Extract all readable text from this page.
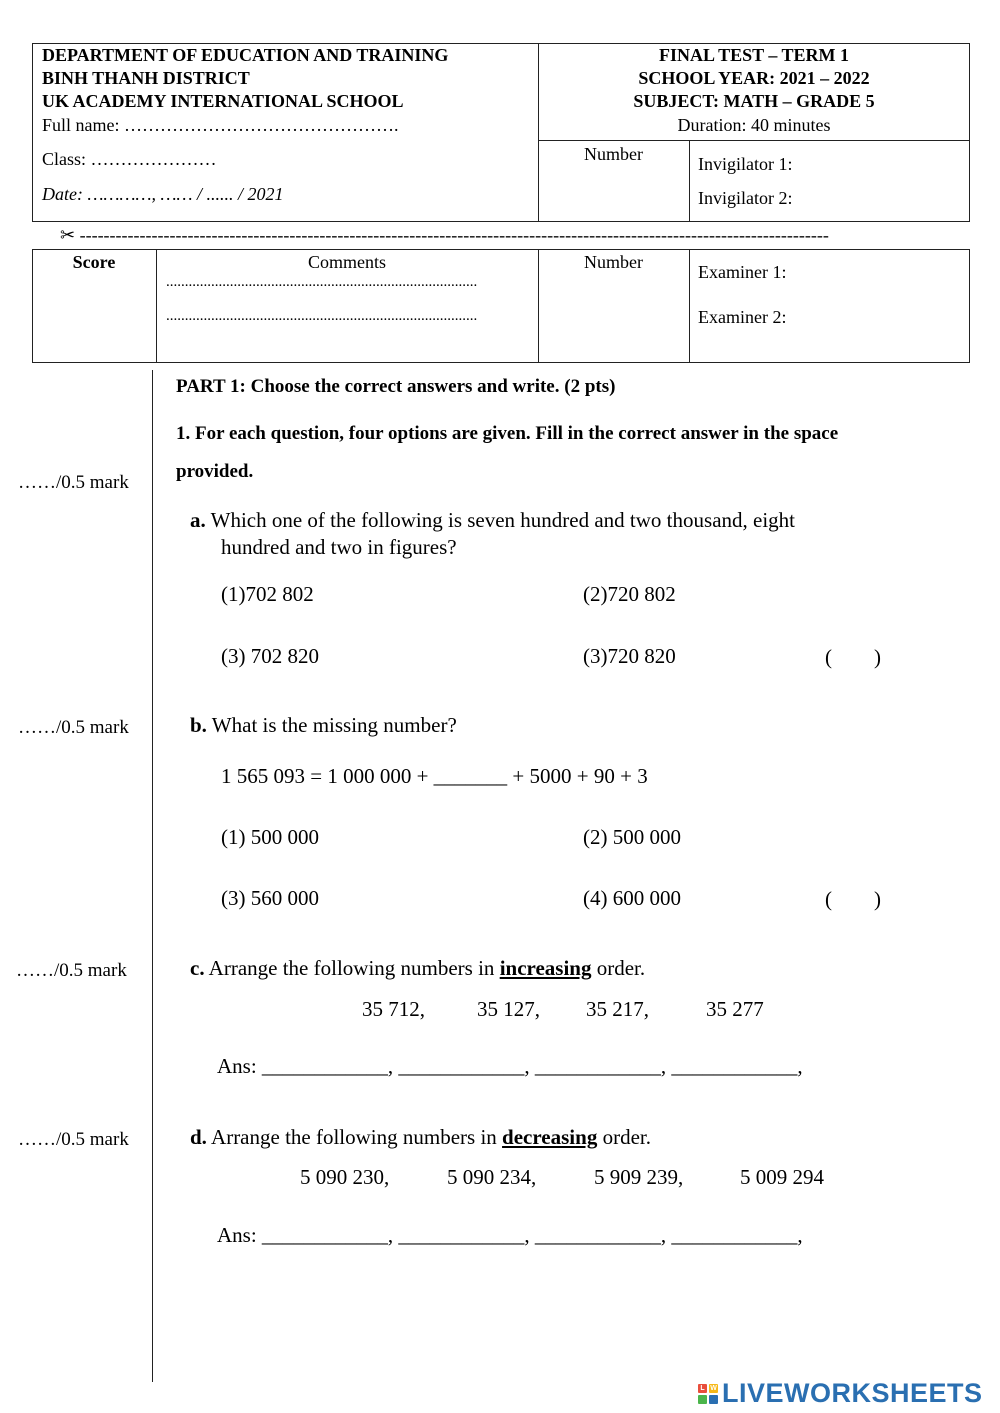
DEPARTMENT OF EDUCATION AND TRAINING
BINH THANH DISTRICT
UK ACADEMY INTERNATIONAL SCHOOL
Full name: ……………………………………….
Class: …………………
Date: …………, …… / ...... / 2021
FINAL TEST – TERM 1
SCHOOL YEAR: 2021 – 2022
SUBJECT: MATH – GRADE 5
Duration: 40 minutes
Number	Invigilator 1:
Invigilator 2:
✂ -----------------------------------------------------------------------------------------------------------------------------
Score	Comments
...................................................................................
...................................................................................
Number	Examiner 1:
Examiner 2:
……/0.5 mark
……/0.5 mark
……/0.5 mark
……/0.5 mark
PART 1: Choose the correct answers and write. (2 pts)
1. For each question, four options are given. Fill in the correct answer in the space
provided.
a. Which one of the following is seven hundred and two thousand, eight
hundred and two in figures?
(1)702 802	(2)720 802
(3) 702 820	(3)720 820	(        )
b. What is the missing number?
1 565 093 = 1 000 000 + _______ + 5000 + 90 + 3
(1) 500 000	(2) 500 000
(3) 560 000	(4) 600 000	(        )
c. Arrange the following numbers in increasing order.
35 712, 35 127, 35 217,	35 277
Ans: ____________, ____________, ____________, ____________,
d. Arrange the following numbers in decreasing order.
5 090 230,	5 090 234,	5 909 239,	5 009 294
Ans: ____________, ____________, ____________, ____________,
L W LIVEWORKSHEETS
